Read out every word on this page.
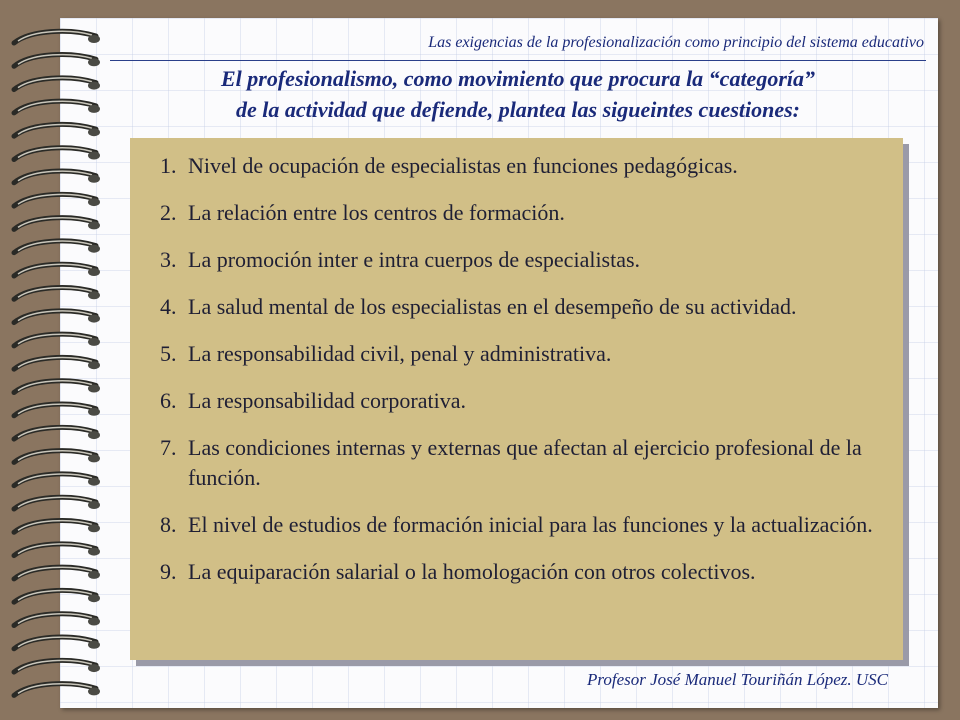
Las exigencias de la profesionalización como principio del sistema educativo
El profesionalismo, como movimiento que procura la “categoría”
de la actividad que defiende, plantea las sigueintes cuestiones:
1. Nivel de ocupación de especialistas en funciones pedagógicas.
2. La relación entre los centros de formación.
3. La promoción inter e intra cuerpos de especialistas.
4. La salud mental de los especialistas en el desempeño de su actividad.
5. La responsabilidad civil, penal y administrativa.
6. La responsabilidad corporativa.
7. Las condiciones internas y externas que afectan al ejercicio profesional de la función.
8. El nivel de estudios de formación inicial para las funciones y la actualización.
9. La equiparación salarial o la homologación con otros colectivos.
Profesor José Manuel Touriñán López. USC
